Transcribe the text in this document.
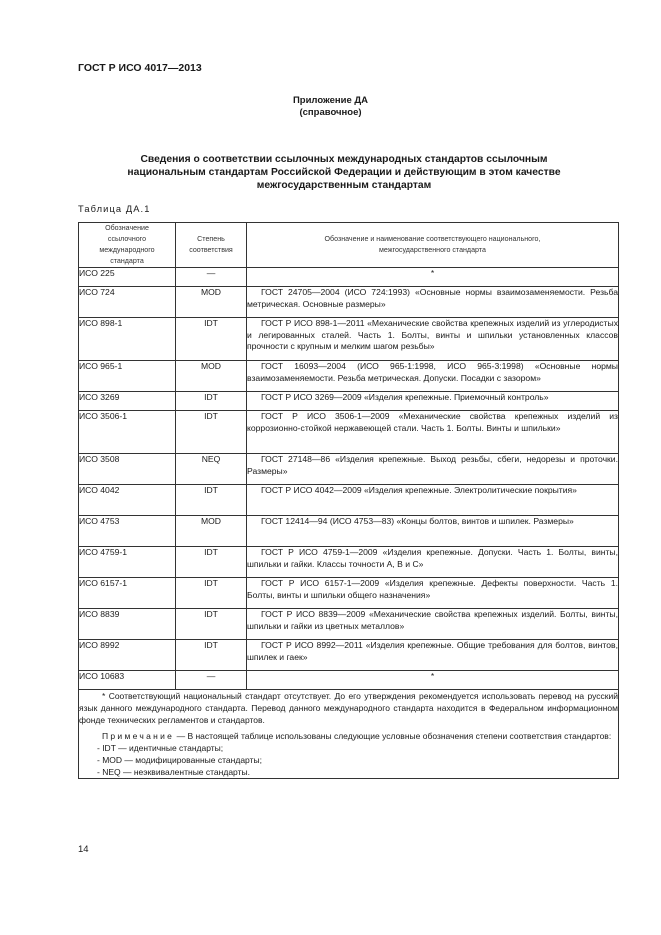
ГОСТ Р ИСО 4017—2013
Приложение ДА
(справочное)
Сведения о соответствии ссылочных международных стандартов ссылочным национальным стандартам Российской Федерации и действующим в этом качестве межгосударственным стандартам
Таблица ДА.1
Обозначение ссылочного международного стандарта	Степень соответствия	Обозначение и наименование соответствующего национального, межгосударственного стандарта
ИСО 225	—	*
ИСО 724	MOD	ГОСТ 24705—2004 (ИСО 724:1993) «Основные нормы взаимозаменяемости. Резьба метрическая. Основные размеры»
ИСО 898-1	IDT	ГОСТ Р ИСО 898-1—2011 «Механические свойства крепежных изделий из углеродистых и легированных сталей. Часть 1. Болты, винты и шпильки установленных классов прочности с крупным и мелким шагом резьбы»
ИСО 965-1	MOD	ГОСТ 16093—2004 (ИСО 965-1:1998, ИСО 965-3:1998) «Основные нормы взаимозаменяемости. Резьба метрическая. Допуски. Посадки с зазором»
ИСО 3269	IDT	ГОСТ Р ИСО 3269—2009 «Изделия крепежные. Приемочный контроль»
ИСО 3506-1	IDT	ГОСТ Р ИСО 3506-1—2009 «Механические свойства крепежных изделий из коррозионно-стойкой нержавеющей стали. Часть 1. Болты. Винты и шпильки»
ИСО 3508	NEQ	ГОСТ 27148—86 «Изделия крепежные. Выход резьбы, сбеги, недорезы и проточки. Размеры»
ИСО 4042	IDT	ГОСТ Р ИСО 4042—2009 «Изделия крепежные. Электролитические покрытия»
ИСО 4753	MOD	ГОСТ 12414—94 (ИСО 4753—83) «Концы болтов, винтов и шпилек. Размеры»
ИСО 4759-1	IDT	ГОСТ Р ИСО 4759-1—2009 «Изделия крепежные. Допуски. Часть 1. Болты, винты, шпильки и гайки. Классы точности А, В и С»
ИСО 6157-1	IDT	ГОСТ Р ИСО 6157-1—2009 «Изделия крепежные. Дефекты поверхности. Часть 1. Болты, винты и шпильки общего назначения»
ИСО 8839	IDT	ГОСТ Р ИСО 8839—2009 «Механические свойства крепежных изделий. Болты, винты, шпильки и гайки из цветных металлов»
ИСО 8992	IDT	ГОСТ Р ИСО 8992—2011 «Изделия крепежные. Общие требования для болтов, винтов, шпилек и гаек»
ИСО 10683	—	*

* Соответствующий национальный стандарт отсутствует. До его утверждения рекомендуется использовать перевод на русский язык данного международного стандарта. Перевод данного международного стандарта находится в Федеральном информационном фонде технических регламентов и стандартов.

Примечание — В настоящей таблице использованы следующие условные обозначения степени соответствия стандартов:

- IDT — идентичные стандарты;

- MOD — модифицированные стандарты;

- NEQ — неэквивалентные стандарты.		

14
